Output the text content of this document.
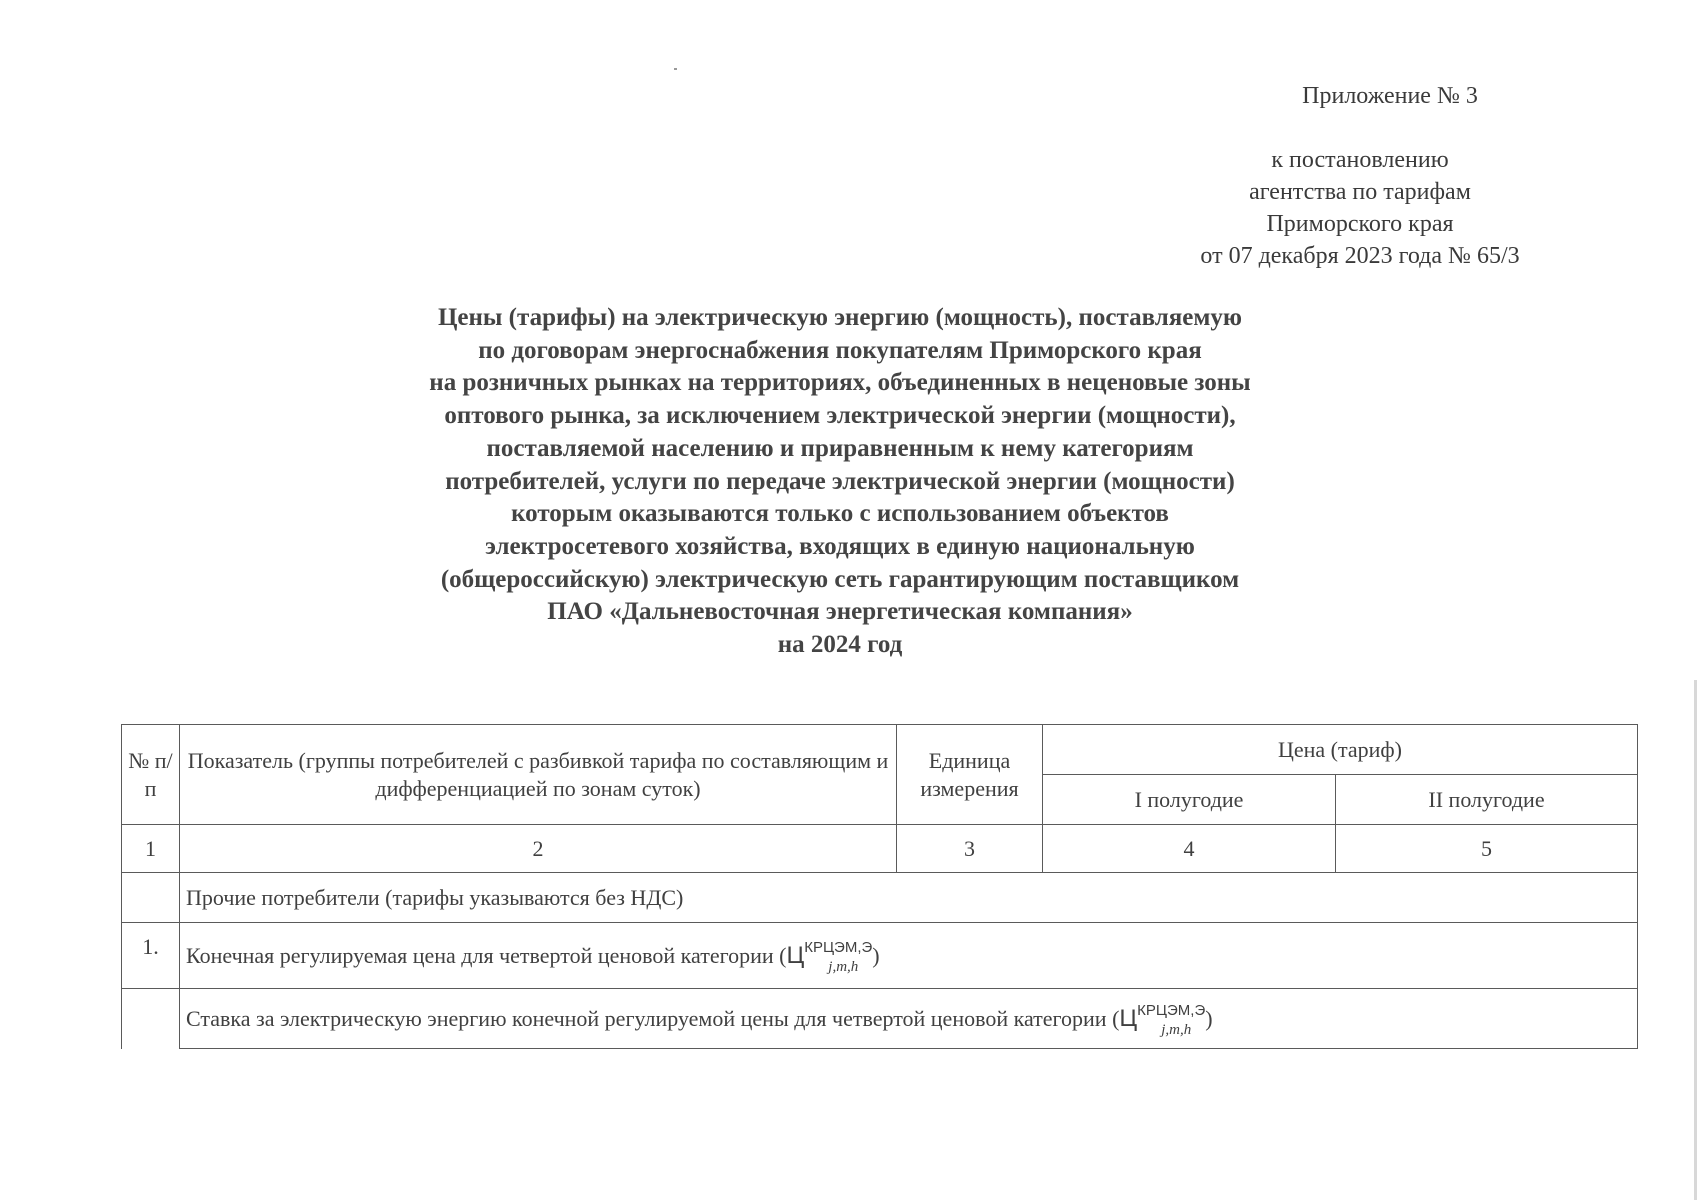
Приложение № 3
к постановлению
агентства по тарифам
Приморского края
от 07 декабря 2023 года № 65/3
Цены (тарифы) на электрическую энергию (мощность), поставляемую
по договорам энергоснабжения покупателям Приморского края
на розничных рынках на территориях, объединенных в неценовые зоны
оптового рынка, за исключением электрической энергии (мощности),
поставляемой населению и приравненным к нему категориям
потребителей, услуги по передаче электрической энергии (мощности)
которым оказываются только с использованием объектов
электросетевого хозяйства, входящих в единую национальную
(общероссийскую) электрическую сеть гарантирующим поставщиком
ПАО «Дальневосточная энергетическая компания»
на 2024 год
№ п/п	Показатель (группы потребителей с разбивкой тарифа по составляющим и дифференциацией по зонам суток)	Единица измерения	Цена (тариф)	
			I полугодие	II полугодие
1	2	3	4	5
	Прочие потребители (тарифы указываются без НДС)			
1.	Конечная регулируемая цена для четвертой ценовой категории ($Ц^{КРЦЭМ,Э}_{j,m,h}$ )			
	Ставка за электрическую энергию конечной регулируемой цены для четвертой ценовой категории ($Ц^{КРЦЭМ,Э}_{j,m,h}$ )			
